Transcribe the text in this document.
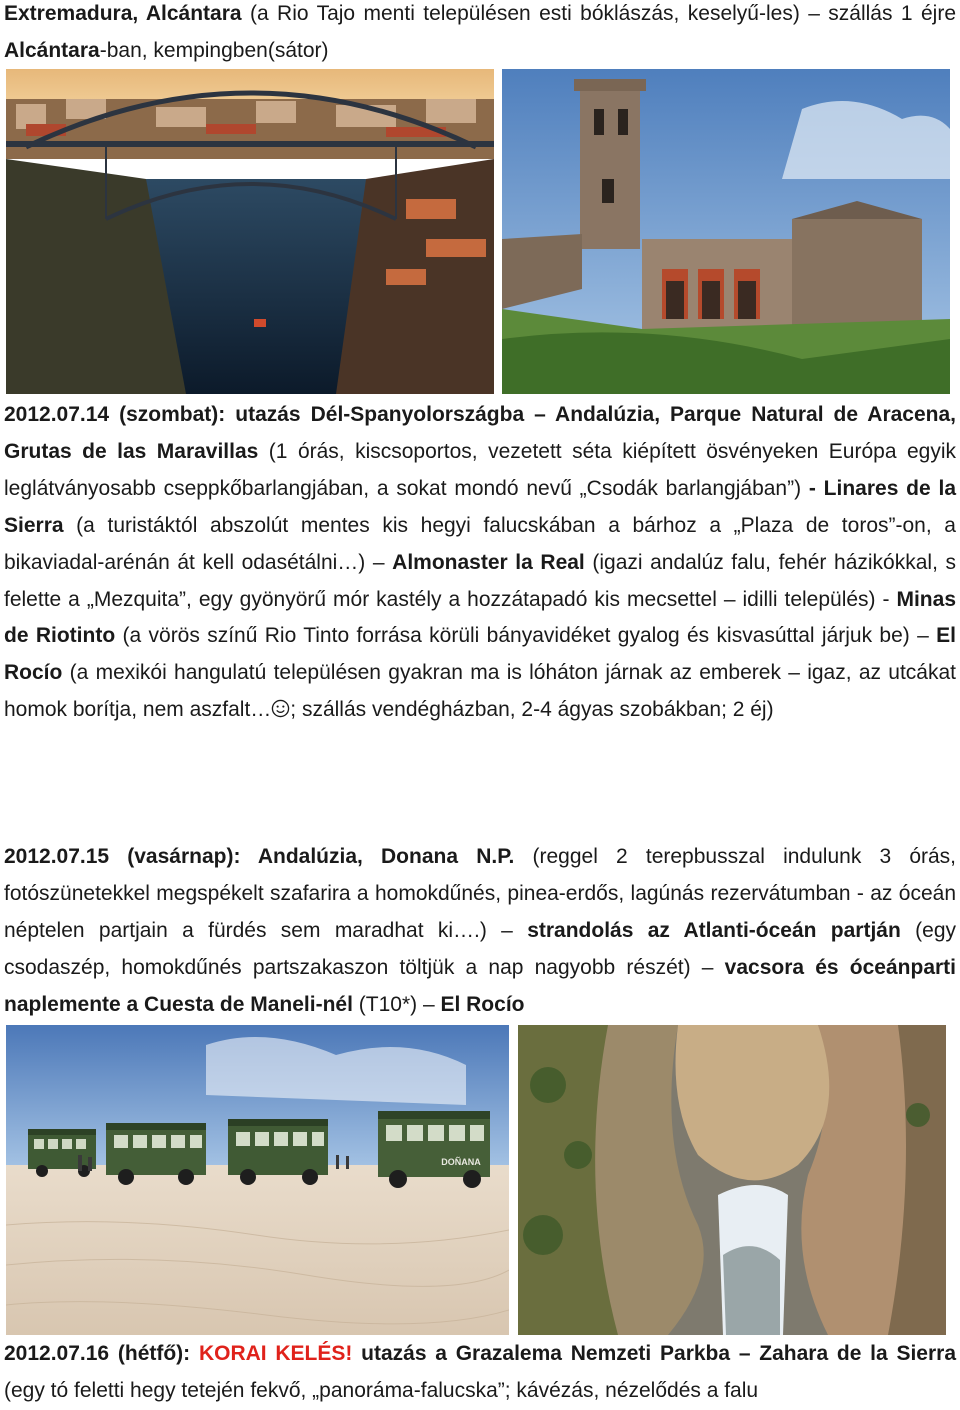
Extremadura, Alcántara (a Rio Tajo menti településen esti bóklászás, keselyű-les) – szállás 1 éjre Alcántara-ban, kempingben(sátor)
2012.07.14 (szombat): utazás Dél-Spanyolországba – Andalúzia, Parque Natural de Aracena, Grutas de las Maravillas (1 órás, kiscsoportos, vezetett séta kiépített ösvényeken Európa egyik leglátványosabb cseppkőbarlangjában, a sokat mondó nevű „Csodák barlangjában”) - Linares de la Sierra (a turistáktól abszolút mentes kis hegyi falucskában a bárhoz a „Plaza de toros”-on, a bikaviadal-arénán át kell odasétálni…) – Almonaster la Real (igazi andalúz falu, fehér házikókkal, s felette a „Mezquita”, egy gyönyörű mór kastély a hozzátapadó kis mecsettel – idilli település) - Minas de Riotinto (a vörös színű Rio Tinto forrása körüli bányavidéket gyalog és kisvasúttal járjuk be) – El Rocío (a mexikói hangulatú településen gyakran ma is lóháton járnak az emberek – igaz, az utcákat homok borítja, nem aszfalt… ; szállás vendégházban, 2-4 ágyas szobákban; 2 éj)
2012.07.15 (vasárnap): Andalúzia, Donana N.P. (reggel 2 terepbusszal indulunk 3 órás, fotószünetekkel megspékelt szafarira a homokdűnés, pinea-erdős, lagúnás rezervátumban - az óceán néptelen partjain a fürdés sem maradhat ki….) – strandolás az Atlanti-óceán partján (egy csodaszép, homokdűnés partszakaszon töltjük a nap nagyobb részét) – vacsora és óceánparti naplemente a Cuesta de Maneli-nél (T10*) – El Rocío
DOÑANA
2012.07.16 (hétfő): KORAI KELÉS! utazás a Grazalema Nemzeti Parkba – Zahara de la Sierra (egy tó feletti hegy tetején fekvő, „panoráma-falucska”; kávézás, nézelődés a falu
